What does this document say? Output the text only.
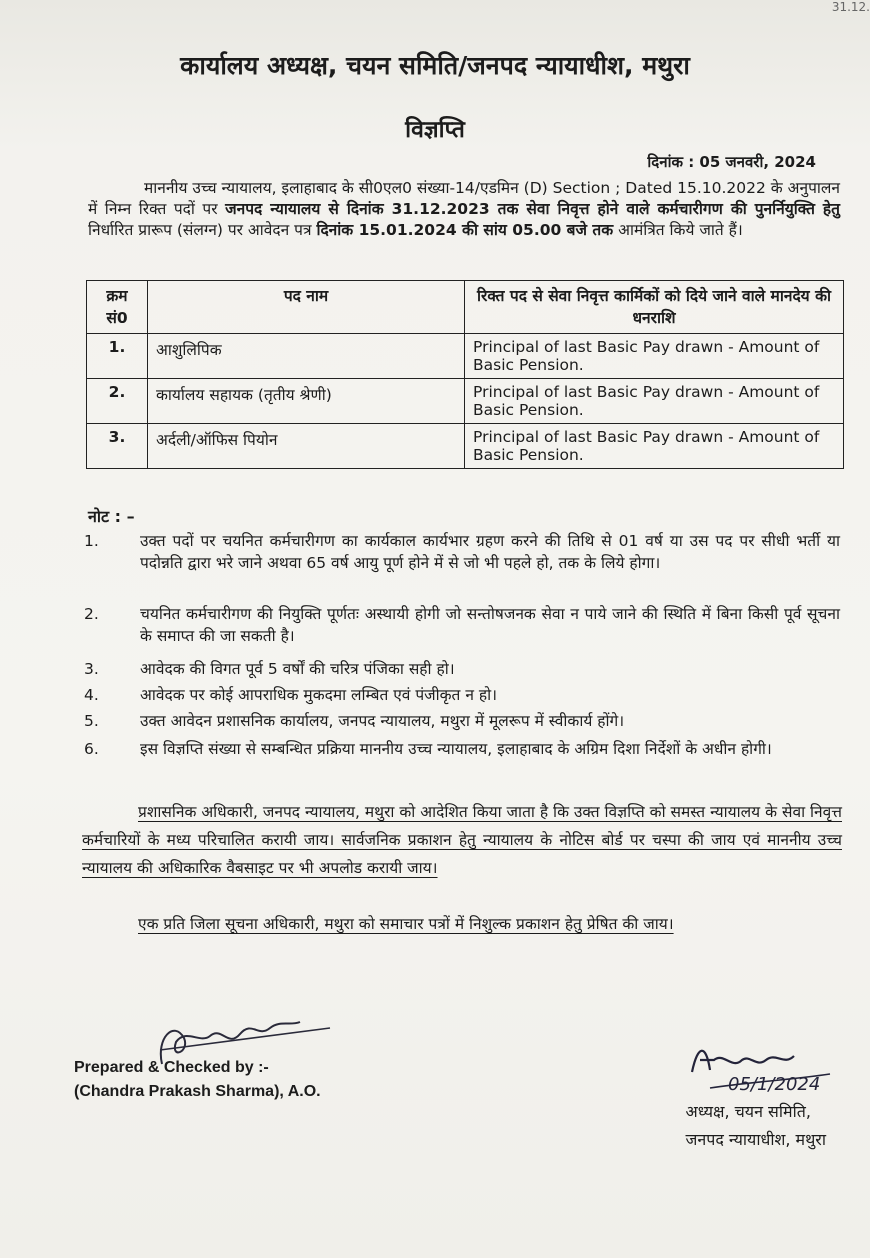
31.12.
कार्यालय अध्यक्ष, चयन समिति/जनपद न्यायाधीश, मथुरा
विज्ञप्ति
दिनांक : 05 जनवरी, 2024
माननीय उच्च न्यायालय, इलाहाबाद के सी0एल0 संख्या-14/एडमिन (D) Section ; Dated 15.10.2022 के अनुपालन में निम्न रिक्त पदों पर जनपद न्यायालय से दिनांक 31.12.2023 तक सेवा निवृत्त होने वाले कर्मचारीगण की पुनर्नियुक्ति हेतु निर्धारित प्रारूप (संलग्न) पर आवेदन पत्र दिनांक 15.01.2024 की सांय 05.00 बजे तक आमंत्रित किये जाते हैं।
क्रम सं0	पद नाम	रिक्त पद से सेवा निवृत्त कार्मिकों को दिये जाने वाले मानदेय की धनराशि
1.	आशुलिपिक	Principal of last Basic Pay drawn - Amount of Basic Pension.
2.	कार्यालय सहायक (तृतीय श्रेणी)	Principal of last Basic Pay drawn - Amount of Basic Pension.
3.	अर्दली/ऑफिस पियोन	Principal of last Basic Pay drawn - Amount of Basic Pension.
नोट : –
1.	उक्त पदों पर चयनित कर्मचारीगण का कार्यकाल कार्यभार ग्रहण करने की तिथि से 01 वर्ष या उस पद पर सीधी भर्ती या पदोन्नति द्वारा भरे जाने अथवा 65 वर्ष आयु पूर्ण होने में से जो भी पहले हो, तक के लिये होगा।
2.	चयनित कर्मचारीगण की नियुक्ति पूर्णतः अस्थायी होगी जो सन्तोषजनक सेवा न पाये जाने की स्थिति में बिना किसी पूर्व सूचना के समाप्त की जा सकती है।
3.	आवेदक की विगत पूर्व 5 वर्षों की चरित्र पंजिका सही हो।
4.	आवेदक पर कोई आपराधिक मुकदमा लम्बित एवं पंजीकृत न हो।
5.	उक्त आवेदन प्रशासनिक कार्यालय, जनपद न्यायालय, मथुरा में मूलरूप में स्वीकार्य होंगे।
6.	इस विज्ञप्ति संख्या से सम्बन्धित प्रक्रिया माननीय उच्च न्यायालय, इलाहाबाद के अग्रिम दिशा निर्देशों के अधीन होगी।
प्रशासनिक अधिकारी, जनपद न्यायालय, मथुरा को आदेशित किया जाता है कि उक्त विज्ञप्ति को समस्त न्यायालय के सेवा निवृत्त कर्मचारियों के मध्य परिचालित करायी जाय। सार्वजनिक प्रकाशन हेतु न्यायालय के नोटिस बोर्ड पर चस्पा की जाय एवं माननीय उच्च न्यायालय की अधिकारिक वैबसाइट पर भी अपलोड करायी जाय।
एक प्रति जिला सूचना अधिकारी, मथुरा को समाचार पत्रों में निशुल्क प्रकाशन हेतु प्रेषित की जाय।
Prepared & Checked by :-
(Chandra Prakash Sharma), A.O.	05/1/2024
अध्यक्ष, चयन समिति,
जनपद न्यायाधीश, मथुरा
